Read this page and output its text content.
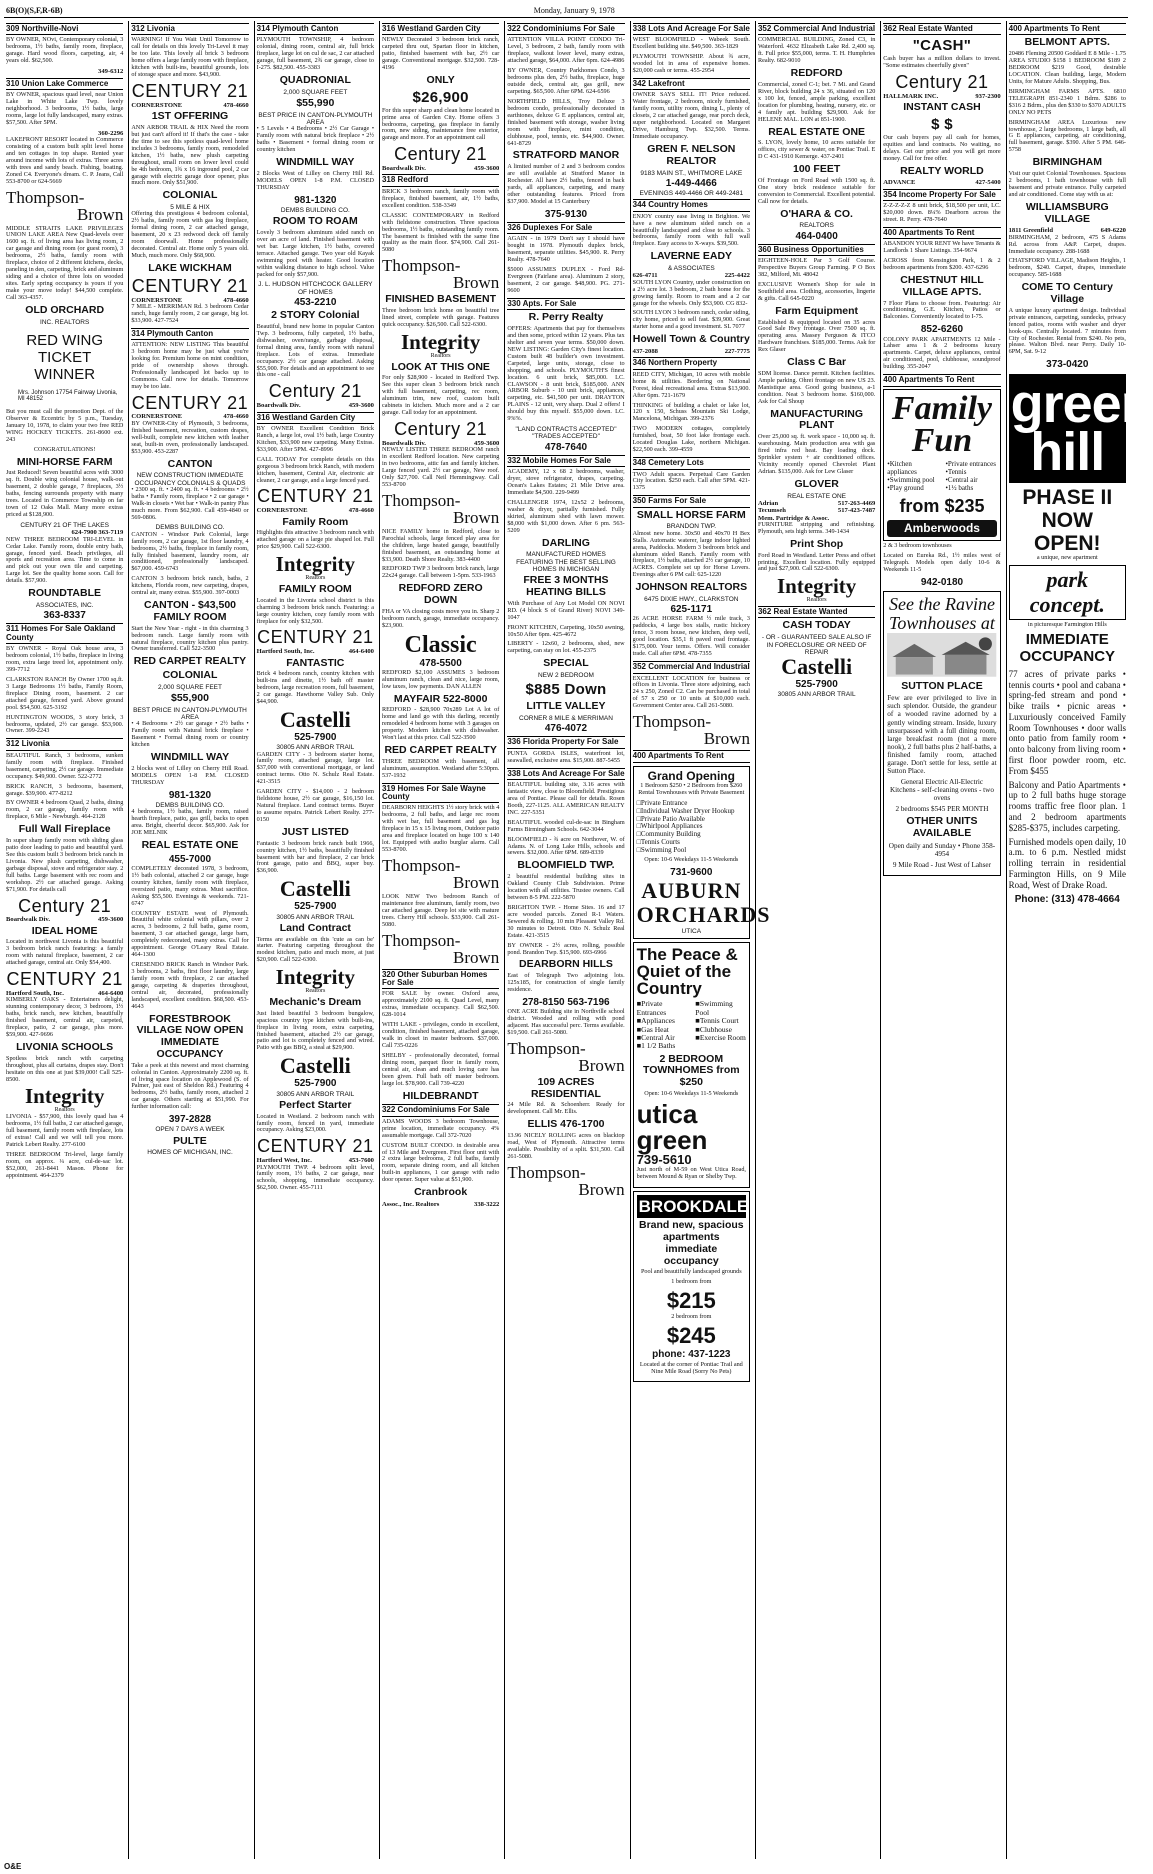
6B(O)(S,F,R-6B)	Monday, January 9, 1978
309 Northville-Novi
BY OWNER, NOvi, Contemporary colonial, 3 bedrooms, 1½ baths, family room, fireplace, garage. Hard wood floors, carpeting, air, 4 years old. $62,500.
349-6312
310 Union Lake Commerce
BY OWNER, spacious quad level, near Union Lake in White Lake Twp. lovely neighborhood. 3 bedrooms, 1½ baths, large rooms, large lot fully landscaped, many extras. $57,500. After 5PM.
360-2296
LAKEFRONT RESORT located in Commerce consisting of a custom built split level home and ten cottages in top shape. Rented year around income with lots of extras. Three acres with trees and sandy beach. Fishing, boating. Zoned C4. Everyone's dream. C. P. Jeans, Call 553-8700 or 624-5669
Thompson-
Brown
MIDDLE STRAITS LAKE PRIVILEGES UNION LAKE AREA New Quad-levels over 1600 sq. ft. of living area has living room, 2 car garage and dining room (or guest room), 3 bedrooms, 2½ baths, family room with fireplace, choice of 2 different kitchens, decks, paneling in den, carpeting, brick and aluminum siding and a choice of three lots on wooded sites. Early spring occupancy is yours if you make your move today! $44,500 complete. Call 363-4357.
OLD ORCHARD
INC. REALTORS
RED WING TICKET WINNER
Mrs. Johnson 17754 Fairway Livonia, MI 48152
But you must call the promotion Dept. of the Observer & Eccentric by 5 p.m., Tuesday, January 10, 1978, to claim your two free RED WING HOCKEY TICKETS. 261-8600 ext. 243
CONGRATULATIONS!
MINI-HORSE FARM
Just Reduced! Seven beautiful acres with 3000 sq. ft. Double wing colonial house, walk-out basement, 2 double garage, 7 fireplaces, 3½ baths, fencing surrounds property with many trees. Located in Commerce Township on far town of 12 Oaks Mall. Many more extras priced at $128,900.
CENTURY 21 OF THE LAKES
624-7900 363-7119
NEW THREE BEDROOM TRI-LEVEL in Cedar Lake. Family room, double entry bath, garage, fenced yard. Beach privileges, all sports and recreation area. Time to come in and pick out your own tile and carpeting. Large lot. See the quality home soon. Call for details. $57,900.
ROUNDTABLE
ASSOCIATES, INC.
363-8337
311 Homes For Sale Oakland County
BY OWNER - Royal Oak house area, 3 bedroom colonial, 1½ baths, fireplace in living room, extra large treed lot, appointment only. 399-7712
CLARKSTON RANCH By Owner 1700 sq.ft. 3 Large Bedrooms 1½ baths, Family Room, fireplace Dining room, basement. 2 car attached garage, fenced yard. Above ground pool. $54,500. 625-3192
HUNTINGTON WOODS, 3 story brick, 3 bedrooms, updated, 2½ car garage. $53,900. Owner. 399-2243
312 Livonia
BEAUTIFUL Ranch, 3 bedrooms, sunken family room with fireplace. Finished basement, carpeting, 2½ car garage. Immediate occupancy. $49,900. Owner. 522-2772
BRICK RANCH, 3 bedrooms, basement, garage. $39,900. 477-8212
BY OWNER 4 bedroom Quad, 2 baths, dining room, 2 car garage, family room with fireplace, 6 Mile - Newburgh. 464-2128
Full Wall Fireplace
In super sharp family room with sliding glass patio door leading to patio and beautiful yard. See this custom built 3 bedroom brick ranch in Livonia. New plush carpeting, dishwasher, garbage disposal, stove and refrigerator stay. 2 full baths. Large basement with rec room and workshop. 2½ car attached garage. Asking $71,900. For details call
Century 21
Boardwalk Div.	459-3600
IDEAL HOME
Located in northwest Livonia is this beautiful 3 bedroom brick ranch featuring: a family room with natural fireplace, basement, 2 car attached garage, central air. Only $54,400.
CENTURY 21
Hartford South, Inc.	464-6400
KIMBERLY OAKS - Entertainers delight, stunning contemporary decor, 3 bedroom, 1½ baths, brick ranch, new kitchen, beautifully finished basement, central air, carpeted, fireplace, patio, 2 car garage, plus more. $59,900. 427-9696
LIVONIA SCHOOLS
Spotless brick ranch with carpeting throughout, plus all curtains, drapes stay. Don't hesitate on this one at just $39,000! Call 525-8500.
Integrity
Realtors
LIVONIA - $57,900, this lovely quad has 4 bedrooms, 1½ full baths, 2 car attached garage, full basement, family room with fireplace, lots of extras! Call and we will tell you more. Patrick Lebert Realty. 277-6100
THREE BEDROOM Tri-level, large family room, on approx. ¼ acre, cul-de-sac lot. $52,000, 261-8441 Mason. Phone for appointment. 464-2379
312 Livonia
WARNING! If You Wait Until Tomorrow to call for details on this lovely Tri-Level it may be too late. This lovely all brick 3 bedroom home offers a large family room with fireplace, kitchen with built-ins, beautiful grounds, lots of storage space and more. $43,900.
CENTURY 21
CORNERSTONE	478-4660
1ST OFFERING
ANN ARBOR TRAIL & HIX Need the room but just can't afford it! If that's the case - take the time to see this spotless quad-level home includes 3 bedrooms, family room, remodeled kitchen, 1½ baths, new plush carpeting throughout, small room on lower level could be 4th bedroom, 1¾ x 16 inground pool, 2 car garage with electric garage door opener, plus much more. Only $51,900.
COLONIAL
5 MILE & HIX
Offering this prestigious 4 bedroom colonial, 2½ baths, family room with gas log fireplace, formal dining room, 2 car attached garage, basement, 20 x 23 redwood deck off family room doorwall. Home professionally decorated. Central air. Home only 5 years old. Much, much more. Only $68,900.
LAKE WICKHAM
CENTURY 21
CORNERSTONE	478-4660
7 MILE - MERRIMAN Rd. 3 bedroom Cedar ranch, huge family room, 2 car garage, big lot. $33,900. 427-7524
314 Plymouth Canton
ATTENTION: NEW LISTING This beautiful 3 bedroom home may be just what you're looking for. Premium home on mint condition, pride of ownership shows through. Professionally landscaped lot backs up to Commons. Call now for details. Tomorrow may be too late.
CENTURY 21
CORNERSTONE	478-4660
BY OWNER-City of Plymouth, 3 bedrooms, finished basement, recreation, custom drapes, well-built, complete new kitchen with leather seat, built-in oven, professionally landscaped. $53,900. 453-2287
CANTON
NEW CONSTRUCTION IMMEDIATE OCCUPANCY COLONIALS & QUADS
• 2300 sq. ft. • 2400 sq. ft. • 4 bedrooms • 2½ baths • Family room, fireplace • 2 car garage • Walk-in closets • Wet bar • Walk-in pantry Plus much more. From $62,900. Call 459-4840 or 569-0806.
DEMBS BUILDING CO.
CANTON - Windsor Park Colonial, large family room, 2 car garage, 1st floor laundry, 4 bedrooms, 2½ baths, fireplace in family room, fully finished basement, laundry room, air conditioned, professionally landscaped. $67,000. 459-6743
CANTON 3 bedroom brick ranch, baths, 2 kitchens, Florida room, new carpeting, drapes, central air, many extras. $55,900. 397-0003
CANTON - $43,500 FAMILY ROOM
Start the New Year - right - in this charming 3 bedroom ranch. Large family room with natural fireplace, country kitchen plus pantry. Owner transferred. Call 522-3500
RED CARPET REALTY
COLONIAL
2,000 SQUARE FEET
$55,900
BEST PRICE IN CANTON-PLYMOUTH AREA
• 4 Bedrooms • 2½ car garage • 2½ baths • Family room with Natural brick fireplace • Basement • Formal dining room or country kitchen
WINDMILL WAY
2 blocks west of Lilley on Cherry Hill Road. MODELS OPEN 1-8 P.M. CLOSED THURSDAY
981-1320
DEMBS BUILDING CO.
4 bedrooms, 1½ baths, family room, raised hearth fireplace, patio, gas grill, backs to open area. Bright, cheerful decor. $65,900. Ask for JOE MELNIK
REAL ESTATE ONE
455-7000
COMPLETELY decorated 1978, 3 bedroom, 1½ bath colonial, attached 2 car garage, huge country kitchen, family room with fireplace, oversized patio, many extras. Must sacrifice. Asking $55,500. Evenings & weekends. 721-6747
COUNTRY ESTATE west of Plymouth. Beautiful white colonial with pillars, over 2 acres, 3 bedrooms, 2 full baths, game room, basement, 3 car attached garage, large barn, completely redecorated, many extras. Call for appointment. George O'Leary Real Estate. 464-1300
CRESENDO BRICK Ranch in Windsor Park. 3 bedrooms, 2 baths, first floor laundry, large family room with fireplace, 2 car attached garage, carpeting & draperies throughout, central air, decorated, professionally landscaped, excellent condition. $68,500. 453-4643
FORESTBROOK VILLAGE NOW OPEN IMMEDIATE OCCUPANCY
Take a peek at this newest and most charming colonial in Canton. Approximately 2200 sq. ft. of living space location on Applewood (S. of Palmer, just east of Sheldon Rd.) Featuring 4 bedrooms, 2½ baths, family room, attached 2 car garage. Others starting at $51,990. For further information call:
397-2828
OPEN 7 DAYS A WEEK
PULTE
HOMES OF MICHIGAN, INC.
314 Plymouth Canton
PLYMOUTH TOWNSHIP, 4 bedroom colonial, dining room, central air, full brick fireplace, large lot on cul de sac, 2 car attached garage, full basement, 2¾ car garage, close to I-275. $82,500. 455-3383
QUADRONIAL
2,000 SQUARE FEET
$55,990
BEST PRICE IN CANTON-PLYMOUTH AREA
• 5 Levels • 4 Bedrooms • 2½ Car Garage • Family room with natural brick fireplace • 2½ baths • Basement • formal dining room or country kitchen
WINDMILL WAY
2 Blocks West of Lilley on Cherry Hill Rd. MODELS OPEN 1-8 P.M. CLOSED THURSDAY
981-1320
DEMBS BUILDING CO.
ROOM TO ROAM
Lovely 3 bedroom aluminum sided ranch on over an acre of land. Finished basement with wet bar. Large kitchen, 1½ baths, covered terrace. Attached garage. Two year old Kayak swimming pool with heater. Good location within walking distance to high school. Value packed for only $57,900.
J. L. HUDSON HITCHCOCK GALLERY OF HOMES
453-2210
2 STORY Colonial
Beautiful, brand new home in popular Canton Twp. 3 bedrooms, fully carpeted, 1½ baths, dishwasher, oven/range, garbage disposal, formal dining area, family room with natural fireplace. Lots of extras. Immediate occupancy. 2½ car garage attached. Asking $55,900. For details and an appointment to see this one - call
Century 21
Boardwalk Div.	459-3600
316 Westland Garden City
BY OWNER Excellent Condition Brick Ranch, a large lot, oval 1½ bath, large Country Kitchen, $33,900 new carpeting. Many Extras. $33,900. After 5PM. 427-8996
CALL TODAY For complete details on this gorgeous 3 bedroom brick Ranch, with modern kitchen, basement, Central Air, electronic air cleaner, 2 car garage, and a large fenced yard.
CENTURY 21
CORNERSTONE	478-4660
Family Room
Highlights this attractive 3 bedroom ranch with attached garage on a large pie shaped lot. Full price $29,900. Call 522-6300.
Integrity
Realtors
FAMILY ROOM
Located in the Livonia school district is this charming 3 bedroom brick ranch. Featuring: a large country kitchen, cozy family room with fireplace for only $32,500.
CENTURY 21
Hartford South, Inc.	464-6400
FANTASTIC
Brick 4 bedroom ranch, country kitchen with built-ins and dinette, 1½ bath off master bedroom, large recreation room, full basement, 2 car garage. Hawthorne Valley Sub. Only $44,900.
Castelli
525-7900
30805 ANN ARBOR TRAIL
GARDEN CITY - 3 bedroom starter home, family room, attached garage, large lot. $37,000 with conventional mortgage, or land contract terms. Otto N. Schulz Real Estate. 421-3515
GARDEN CITY - $14,000 - 2 bedroom fieldstone house, 2½ car garage, $16,150 lot. Natural fireplace. Land contract terms. Buyer to assume repairs. Patrick Lebert Realty. 277-0150
JUST LISTED
Fantastic 3 bedroom brick ranch built 1966, country kitchen, 1½ baths, beautifully finished basement with bar and fireplace, 2 car brick front garage, patio and BBQ, super buy. $36,900.
Castelli
525-7900
30805 ANN ARBOR TRAIL
Land Contract
Terms are available on this 'cute as can be' starter. Featuring carpeting throughout the modest kitchen, patio and much more, at just $20,900. Call 522-6300.
Integrity
Realtors
Mechanic's Dream
Just listed beautiful 3 bedroom bungalow, spacious country type kitchen with built-ins, fireplace in living room, extra carpeting, finished basement, attached 2½ car garage, patio and lot is completely fenced and wired. Patio with gas BBQ, a steal at $29,900.
Castelli
525-7900
30805 ANN ARBOR TRAIL
Perfect Starter
Located in Westland. 2 bedroom ranch with family room, fenced in yard, immediate occupancy. Asking $23,000.
CENTURY 21
Hartford West, Inc.	453-7600
PLYMOUTH TWP. 4 bedroom split level, family room, 1½ baths, 2 car garage, near schools, shopping, immediate occupancy. $62,500. Owner. 455-7111
316 Westland Garden City
NEWLY Decorated 3 bedroom brick ranch, carpeted thru out, Spartan floor in kitchen, patio, finished basement with bar, 2½ car garage. Conventional mortgage. $32,500. 728-4196
ONLY
$26,900
For this super sharp and clean home located in prime area of Garden City. Home offers 3 bedrooms, carpeting, gas fireplace in family room, new siding, maintenance free exterior, garage and more. For an appointment call
Century 21
Boardwalk Div.	459-3600
318 Redford
BRICK 3 bedroom ranch, family room with fireplace, finished basement, air, 1½ baths, excellent condition. 538-3349
CLASSIC CONTEMPORARY in Redford with fieldstone construction. Three spacious bedrooms, 1½ baths, outstanding family room. The basement is finished with the same fine quality as the main floor. $74,900. Call 261-5080
Thompson-
Brown
FINISHED BASEMENT
Three bedroom brick home on beautiful tree lined street, complete with garage. Features quick occupancy. $26,500. Call 522-6300.
Integrity
Realtors
LOOK AT THIS ONE
For only $28,900 - located in Redford Twp. See this super clean 3 bedroom brick ranch with full basement, carpeting, rec room, aluminum trim, new roof, custom built cabinets in kitchen. Much more and a 2 car garage. Call today for an appointment.
Century 21
Boardwalk Div.	459-3600
NEWLY LISTED THREE BEDROOM ranch in excellent Redford location. New carpeting in two bedrooms, attic fan and family kitchen. Large fenced yard. 2½ car garage, New roof. Only $27,700. Call Neil Hemmingway. Call 553-8700
Thompson-
Brown
NICE FAMILY home in Redford, close to Parochial schools, large fenced play area for the children, large heated garage, beautifully finished basement, an outstanding home at $33,900. Death Shore Realty. 383-4400
REDFORD TWP 3 bedroom brick ranch, large 22x24 garage. Call between 1-5pm. 533-1963
REDFORD ZERO DOWN
FHA or VA closing costs move you in. Sharp 2 bedroom ranch, garage, immediate occupancy. $23,900.
Classic
478-5500
REDFORD $2,100 ASSUMES 3 bedroom aluminum ranch, clean and nice, large room, low taxes, low payments. DAN ALLEN
MAYFAIR 522-8000
REDFORD - $28,900 70x289 Lot A lot of home and land go with this darling, recently remodeled 4 bedroom home with 3 garages on property. Modern kitchen with dishwasher. Won't last at this price. Call 522-3500
RED CARPET REALTY
THREE BEDROOM with basement, all aluminum, assumption. Westland after 5:30pm. 537-1932
319 Homes For Sale Wayne County
DEARBORN HEIGHTS 1½ story brick with 4 bedrooms, 2 full baths, and large rec room with wet bar, full basement and gas log fireplace in 15 x 15 living room, Outdoor patio area and fireplace located on huge 100 x 140 lot. Equipped with audio burglar alarm. Call 553-8700.
Thompson-
Brown
LOOK NEW Two bedroom Ranch of maintenance free aluminum, family room, two car attached garage. Deep lot site with mature trees. Cherry Hill schools. $33,900. Call 261-5080.
Thompson-
Brown
320 Other Suburban Homes For Sale
FOR SALE by owner. Oxford area, approximately 2100 sq. ft. Quad Level, many extras, immediate occupancy. Call $62,500. 628-1014
WITH LAKE - privileges, condo in excellent, condition, finished basement, attached garage, walk in closet in master bedroom. $37,000. Call 735-0226
SHELBY - professionally decorated, formal dining room, parquet floor in family room, central air, clean and much loving care has been given. Full bath off master bedroom. large lot. $78,900. Call 739-4220
HILDEBRANDT
322 Condominiums For Sale
ADAMS WOODS 3 bedroom Townhouse, prime location, immediate occupancy. 4% assumable mortgage. Call 372-7020
CUSTOM BUILT CONDO. in desirable area of 13 Mile and Evergreen. First floor unit with 2 extra large bedrooms, 2 full baths, family room, separate dining room, and all kitchen built-in appliances, 1 car garage with radio door opener. Super value at $51,900.
Cranbrook
Assoc., Inc. Realtors	338-3222
322 Condominiums For Sale
ATTENTION VILLA POINT CONDO Tri-Level, 3 bedroom, 2 bath, family room with fireplace, walkout lower level, many extras, attached garage, $64,000. After 6pm. 624-4986
BY OWNER, Country Parkhomes Condo, 3 bedrooms plus den, 2½ baths, fireplace, huge outside deck, central air, gas grill, new carpeting. $65,500. After 6PM. 624-6596
NORTHFIELD HILLS, Troy Deluxe 3 bedroom condo, professionally decorated in earthtones, deluxe G E appliances, central air, finished basement with storage, washer living room with fireplace, mint condition, clubhouse, pool, tennis, etc. $44,900. Owner. 641-8729
STRATFORD MANOR
A limited number of 2 and 3 bedroom condos are still available at Stratford Manor in Rochester. All have 2½ baths, fenced in back yards, all appliances, carpeting, and many other outstanding features. Priced from $37,900. Model at 15 Canterbury
375-9130
326 Duplexes For Sale
AGAIN - in 1979 Don't say I should have bought in 1978. Plymouth duplex brick, basement, separate utilities. $45,900. R. Perry Realty. 478-7640
$5000 ASSUMES DUPLEX - Ford Rd-Evergreen (Fairlane area). Aluminum 2 story, basement, 2 car garage. $48,900. PG. 271-9600
330 Apts. For Sale
R. Perry Realty
OFFERS: Apartments that pay for themselves and then some, priced within 12 years. Plus tax shelter and seven year terms. $50,000 down. NEW LISTING: Garden City's finest location. Custom built 48 builder's own investment. Carpeted, large units, storage, close to shopping, and schools. PLYMOUTH'S finest location. 6 unit brick, $85,000. LC. CLAWSON - 8 unit brick, $185,000. ANN ARBOR Suburb - 10 unit brick, appliances, carpeting, etc. $41,500 per unit. DRAYTON PLAINS - 12 unit, very sharp. Dual 2 offers! I should buy this myself. $55,000 down. LC. 9%%.
"LAND CONTRACTS ACCEPTED" "TRADES ACCEPTED"
478-7640
332 Mobile Homes For Sale
ACADEMY, 12 x 68 2 bedrooms, washer, dryer, stove refrigerator, drapes, carpeting. Ocean's Lakes Estates; 21 Mile Drive area. Immediate $4,500. 229-9499
CHALLENGER 1974, 12x52 2 bedrooms, washer & dryer, partially furnished. Fully skirted, aluminum shed with lawn mower. $8,000 with $1,000 down. After 6 pm. 563-5209
DARLING
MANUFACTURED HOMES FEATURING THE BEST SELLING HOMES IN MICHIGAN
FREE 3 MONTHS HEATING BILLS
With Purchase of Any Lot Model ON NOVI RD. (4 block S of Grand River) NOVI 349-1047
FRONT KITCHEN, Carpeting, 10x50 awning, 10x50 After 6pm. 425-4672
LIBERTY - 12x60, 2 bedrooms, shed, new carpeting, can stay on lot. 455-2375
SPECIAL
NEW 2 BEDROOM
$885 Down
LITTLE VALLEY
CORNER 8 MILE & MERRIMAN
476-4072
336 Florida Property For Sale
PUNTA GORDA ISLES, waterfront lot, seawalled, exclusive area. $15,900. 887-5455
338 Lots And Acreage For Sale
BEAUTIFUL building site, 3.16 acres with fantastic view, close to Bloomfield. Prestigious area of Pontiac. Please call for details. Rosen Booth, 227-1125. ALL AMERICAN REALTY INC. 227-5351
BEAUTIFUL wooded cul-de-sac in Bingham Farms Birmingham Schools. 642-3044
BLOOMFIELD - ¾ acre on Northover, W. of Adams. N. of Long Lake Hills, schools and sewers. $32,000. After 6PM. 689-8339
BLOOMFIELD TWP.
2 beautiful residential building sites in Oakland County Club Subdivision. Prime location with all utilities. Trustee owners. Call between 8-5 PM. 222-5870
BRIGHTON TWP. - Home Sites. 16 and 17 acre wooded parcels. Zoned R-1 Waters. Sewered & rolling. 10 min Pleasant Valley Rd. 30 minutes to Detroit. Otto N. Schulz Real Estate. 421-3515
BY OWNER - 2½ acres, rolling, possible pond. Brandon Twp. $15,900. 693-6966
DEARBORN HILLS
East of Telegraph Two adjoining lots. 125x185, for construction of single family residence.
278-8150 563-7196
ONE ACRE Building site in Northville school district. Wooded and rolling with pond adjacent. Has successful perc. Terms available. $19,500. Call 261-5080.
Thompson-
Brown
109 ACRES RESIDENTIAL
24 Mile Rd. & Schoenherr. Ready for development. Call Mr. Ellis.
ELLIS 476-1700
13.96 NICELY ROLLING acres on blacktop road, West of Plymouth. Attractive terms available. Possibility of a split. $31,500. Call 261-5080.
Thompson-
Brown
338 Lots And Acreage For Sale
WEST BLOOMFIELD - Wabeek South. Excellent building site. $49,500. 363-1829
PLYMOUTH TOWNSHIP. About ¾ acre, wooded lot in area of expensive homes. $20,000 cash or terms. 455-2954
342 Lakefront
OWNER SAYS SELL IT! Price reduced. Water frontage, 2 bedroom, nicely furnished, family room, utility room, dining L, plenty of closets, 2 car attached garage, rear porch deck, super neighborhood. Located on Margaret Drive, Hamburg Twp. $32,500. Terms. Immediate occupancy.
GREN F. NELSON REALTOR
9183 MAIN ST., WHITMORE LAKE
1-449-4466
EVENINGS 449-4466 OR 449-2481
344 Country Homes
ENJOY country ease living in Brighton. We have a new aluminum sided ranch on a beautifully landscaped and close to schools. 3 bedrooms, family room with full wall fireplace. Easy access to X-ways. $39,500.
LAVERNE EADY
& ASSOCIATES
626-4711	225-4422
SOUTH LYON Country, under construction on a 2½ acre lot. 3 bedroom, 2 bath home for the growing family. Room to roam and a 2 car garage for the wheels. Only $53,900. CG 832-
SOUTH LYON 3 bedroom ranch, cedar siding, city home, priced to sell fast. $39,900. Great starter home and a good investment. SL 7077
Howell Town & Country
437-2088	227-7775
346 Northern Property
REED CITY, Michigan, 10 acres with mobile home & utilities. Bordering on National Forest, ideal recreational area. Extras $13,900. After 6pm. 721-1679
THINKING of building a chalet or lake lot, 120 x 150, Schuss Mountain Ski Lodge, Mancelona, Michigan. 399-2376
TWO MODERN cottages, completely furnished, boat, 50 foot lake frontage each. Located Douglas Lake, northern Michigan. $22,500 each. 399-4559
348 Cemetery Lots
TWO Adult spaces. Perpetual Care Garden City location. $250 each. Call after 5PM. 421-1375
350 Farms For Sale
SMALL HORSE FARM
BRANDON TWP.
Almost new home. 30x50 and 40x70 H Bex Stalls. Automatic waterer, large indoor lighted arena, Paddocks. Modern 3 bedroom brick and aluminum sided Ranch. Family room with fireplace, 1½ baths, attached 2½ car garage, 10 ACRES. Complete set up for Horse Lovers. Evenings after 6 PM call: 625-1220
JOHNSON REALTORS
6475 DIXIE HWY., CLARKSTON
625-1171
26 ACRE HORSE FARM ½ mile track, 3 paddocks, 4 large box stalls, rustic hickory fence, 3 room house, new kitchen, deep well, good location. $35,1 ft paved road frontage. $175,000. Your terms. Offers. Will consider trade. Call after 6PM. 478-7355
352 Commercial And Industrial
EXCELLENT LOCATION for business or offices in Livonia. Three store adjoining, each 24 x 250, Zoned C2. Can be purchased in total of 57 x 250 or 10 units at $10,000 each. Government Center area. Call 261-5080.
Thompson-
Brown
400 Apartments To Rent
Grand Opening
1 Bedroom $250 • 2 Bedroom from $260 Rental Townhouses with Private Basement
□ Private Entrance
□ Individual Washer Dryer Hookup
□ Private Patio Available
□ Whirlpool Appliances
□ Community Building
□ Tennis Courts
□ Swimming Pool
Open: 10-6 Weekdays 11-5 Weekends
731-9600
AUBURN ORCHARDS
UTICA
The Peace & Quiet of the Country
■ Private Entrances
■ Appliances
■ Gas Heat
■ Central Air
■ 1 1/2 Baths
■ Swimming Pool
■ Tennis Court
■ Clubhouse
■ Exercise Room
2 BEDROOM TOWNHOMES from $250
Open: 10-6 Weekdays 11-5 Weekends
utica green
739-5610
Just north of M-59 on West Utica Road, between Mound & Ryan or Shelby Twp.
BROOKDALE
Brand new, spacious apartments immediate occupancy
Pool and beautifully landscaped grounds
1 bedroom from
$215
2 bedroom from
$245
phone: 437-1223
Located at the corner of Pontiac Trail and Nine Mile Road (Sorry No Pets)
352 Commercial And Industrial
COMMERCIAL BUILDING, Zoned C3, in Waterford. 4632 Elizabeth Lake Rd. 2,400 sq. ft. Full price $55,000, terms. T. H. Humphries Realty. 682-9010
REDFORD
Commercial, zoned C-1; bet. 7 Mi. and Grand River, block building 24 x 36, situated on 120 x 100 lot, fenced, ample parking, excellent location for plumbing, heating, nursery, etc. or 4 family apt. building $29,900. Ask for HELENE MAL. LON at 851-1900.
REAL ESTATE ONE
S. LYON, lovely home, 10 acres suitable for offices, city sewer & water, on Pontiac Trail. E D C 431-1910 Kemerge. 437-2401
100 FEET
Of Frontage on Ford Road with 1500 sq. ft. One story brick residence suitable for conversion to Commercial. Excellent potential. Call now for details.
O'HARA & CO.
REALTORS
464-0400
360 Business Opportunities
EIGHTEEN-HOLE Par 3 Golf Course. Perspective Buyers Group Farming. P O Box 382, Milford, Mi. 48042
EXCLUSIVE Women's Shop for sale in Southfield area. Clothing, accessories, lingerie & gifts. Call 645-0220
Farm Equipment
Established & equipped located on 35 acres Good Sale Hwy frontage. Over 7500 sq. ft. operating area. Massey Ferguson & ITCO Hardware franchises. $185,000. Terms. Ask for Rex Glaser
Class C Bar
SDM license. Dance permit. Kitchen facilities. Ample parking. Ohrei frontage on new US 23. Manistique area. Good going business, a-1 condition. Neat 3 bedroom home. $160,000. Ask for Cal Shoup
MANUFACTURING PLANT
Over 25,000 sq. ft. work space - 10,000 sq. ft. warehousing. Main production area with gas fired infra red heat. Bay loading dock. Sprinkler system + air conditioned offices. Vicinity recently opened Chevrolet Plant Adrian. $135,000. Ask for Lew Glaser
GLOVER
REAL ESTATE ONE
Adrian	517-263-4469
Tecumseh	517-423-7487
Mem. Partridge & Assoc.
FURNITURE stripping and refinishing. Plymouth, sets high terms. 349-1434
Print Shop
Ford Road in Westland. Letter Press and offset printing. Excellent location. Fully equipped and just $27,900. Call 522-6300.
Integrity
Realtors
362 Real Estate Wanted
CASH TODAY
- OR - GUARANTEED SALE ALSO IF IN FORECLOSURE OR NEED OF REPAIR
Castelli
525-7900
30805 ANN ARBOR TRAIL
362 Real Estate Wanted
"CASH"
Cash buyer has a million dollars to invest. "Some estimates cheerfully given"
Century 21
HALLMARK INC.	937-2300
INSTANT CASH
$ $
Our cash buyers pay all cash for homes, equities and land contracts. No waiting, no delays. Get our price and you will get more money. Call for free offer.
REALTY WORLD
ADVANCE	427-5400
354 Income Property For Sale
Z-Z-Z-Z-Z 8 unit brick, $18,500 per unit, LC. $20,000 down. 8¼% Dearborn across the street. R. Perry. 478-7640
400 Apartments To Rent
ABANDON YOUR RENT We have Tenants & Landlords 1 Share Listings. 354-9674
ACROSS from Kensington Park, 1 & 2 bedroom apartments from $200. 437-6296
CHESTNUT HILL VILLAGE APTS.
7 Floor Plans to choose from. Featuring: Air conditioning, G.E. Kitchen, Patios or Balconies. Conveniently located to I-75.
852-6260
COLONY PARK APARTMENTS 12 Mile - Lahser area 1 & 2 bedrooms luxury apartments. Carpet, deluxe appliances, central air conditioned, pool, clubhouse, soundproof building. 355-2047
400 Apartments To Rent
Family Fun
• Kitchen appliances
• Swimming pool
• Play ground
• Private entrances
• Tennis
• Central air
• 1½ baths
from $235
Amberwoods
2 & 3 bedroom townhouses
Located on Eureka Rd., 1½ miles west of Telegraph. Models open daily 10-6 & Weekends 11-5
942-0180
See the Ravine Townhouses at
SUTTON PLACE
Few are ever privileged to live in such splendor. Outside, the grandeur of a wooded ravine adorned by a gently winding stream. Inside, luxury unsurpassed with a full dining room, large breakfast room (not a mere nook), 2 full baths plus 2 half-baths, a finished family room, attached garage. Don't settle for less, settle at Sutton Place.
General Electric All-Electric Kitchens - self-cleaning ovens - two ovens
2 bedrooms $545 PER MONTH
OTHER UNITS AVAILABLE
Open daily and Sunday • Phone 358-4954
9 Mile Road - Just West of Lahser
400 Apartments To Rent
BELMONT APTS.
20486 Fleming 20500 Goddard E 8 Mile - 1.75 AREA STUDIO $158 1 BEDROOM $189 2 BEDROOM $219 Good, desirable LOCATION. Clean building, large, Modern Units, for Mature Adults. Shopping, Bus.
BIRMINGHAM FARMS APTS. 6810 TELEGRAPH 851-2340 1 Bdrm. $286 to $316 2 Bdrm., plus den $330 to $370 ADULTS ONLY NO PETS
BIRMINGHAM AREA Luxurious new townhouse, 2 large bedrooms, 1 large bath, all G E appliances, carpeting, air conditioning, full basement, garage. $390. After 5 PM. 646-5758
BIRMINGHAM
Visit our quiet Colonial Townhouses. Spacious 2 bedrooms, 1 bath townhouse with full basement and private entrance. Fully carpeted and air conditioned. Come stay with us at:
WILLIAMSBURG VILLAGE
1811 Greenfield	649-6220
BIRMINGHAM, 2 bedroom, 475 S Adams Rd. across from A&P. Carpet, drapes. Immediate occupancy. 288-1688
CHATSFORD VILLAGE, Madison Heights, 1 bedroom, $240. Carpet, drapes, immediate occupancy. 585-1688
COME TO Century Village
A unique luxury apartment design. Individual private entrances, carpeting, sundecks, privacy fenced patios, rooms with washer and dryer hook-ups. Centrally located. 7 minutes from City of Rochester. Rental from $240. No pets, please. Walton Blvd. near Perry. Daily 10-6PM, Sat. 9-12
373-0420
green hill
PHASE II NOW OPEN!
a unique, new apartment
park concept.
in picturesque Farmington Hills
IMMEDIATE OCCUPANCY
77 acres of private parks • tennis courts • pool and cabana • spring-fed stream and pond • bike trails • picnic areas • Luxuriously conceived Family Room Townhouses • door walls onto patio from family room • onto balcony from living room • first floor powder room, etc. From $455
Balcony and Patio Apartments • up to 2 full baths huge storage rooms traffic free floor plan. 1 and 2 bedroom apartments $285-$375, includes carpeting.
Furnished models open daily, 10 a.m. to 6 p.m. Nestled midst rolling terrain in residential Farmington Hills, on 9 Mile Road, West of Drake Road.
Phone: (313) 478-4664
O&E
